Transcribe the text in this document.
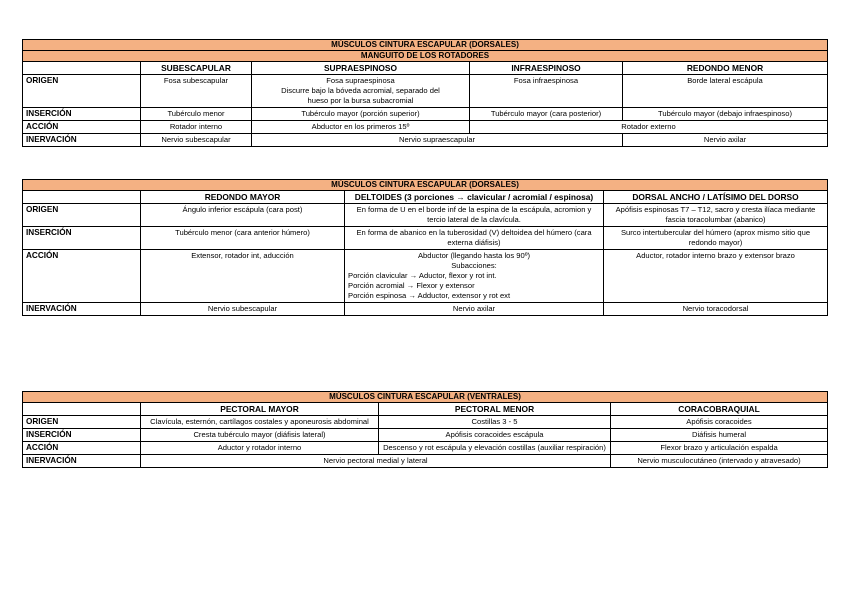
MÚSCULOS CINTURA ESCAPULAR (DORSALES)				
MANGUITO DE LOS ROTADORES				
	SUBESCAPULAR	SUPRAESPINOSO	INFRAESPINOSO	REDONDO MENOR
ORIGEN	Fosa subescapular	Fosa supraespinosa
Discurre bajo la bóveda acromial, separado del
hueso por la bursa subacromial	Fosa infraespinosa	Borde lateral escápula
INSERCIÓN	Tubérculo menor	Tubérculo mayor (porción superior)	Tubérculo mayor (cara posterior)	Tubérculo mayor (debajo infraespinoso)
ACCIÓN	Rotador interno	Abductor en los primeros 15º	Rotador externo	
INERVACIÓN	Nervio subescapular	Nervio supraescapular		Nervio axilar
MÚSCULOS CINTURA ESCAPULAR (DORSALES)			
	REDONDO MAYOR	DELTOIDES (3 porciones → clavicular / acromial / espinosa)	DORSAL ANCHO / LATÍSIMO DEL DORSO
ORIGEN	Ángulo inferior escápula (cara post)	En forma de U en el borde inf de la espina de la escápula, acromion y tercio lateral de la clavícula.	Apófisis espinosas T7 – T12, sacro y cresta ilíaca mediante fascia toracolumbar (abanico)
INSERCIÓN	Tubérculo menor (cara anterior húmero)	En forma de abanico en la tuberosidad (V) deltoidea del húmero (cara externa diáfisis)	Surco intertubercular del húmero (aprox mismo sitio que redondo mayor)
ACCIÓN	Extensor, rotador int, aducción	Abductor (llegando hasta los 90º)
Subacciones:
Porción clavicular → Aductor, flexor y rot int.
Porción acromial → Flexor y extensor
Porción espinosa → Adductor, extensor y rot ext	Aductor, rotador interno brazo y extensor brazo
INERVACIÓN	Nervio subescapular	Nervio axilar	Nervio toracodorsal
MÚSCULOS CINTURA ESCAPULAR (VENTRALES)			
	PECTORAL MAYOR	PECTORAL MENOR	CORACOBRAQUIAL
ORIGEN	Clavícula, esternón, cartílagos costales y aponeurosis abdominal	Costillas 3 - 5	Apófisis coracoides
INSERCIÓN	Cresta tubérculo mayor (diáfisis lateral)	Apófisis coracoides escápula	Diáfisis humeral
ACCIÓN	Aductor y rotador interno	Descenso y rot escápula y elevación costillas (auxiliar respiración)	Flexor brazo y articulación espalda
INERVACIÓN	Nervio pectoral medial y lateral		Nervio musculocutáneo (intervado y atravesado)
